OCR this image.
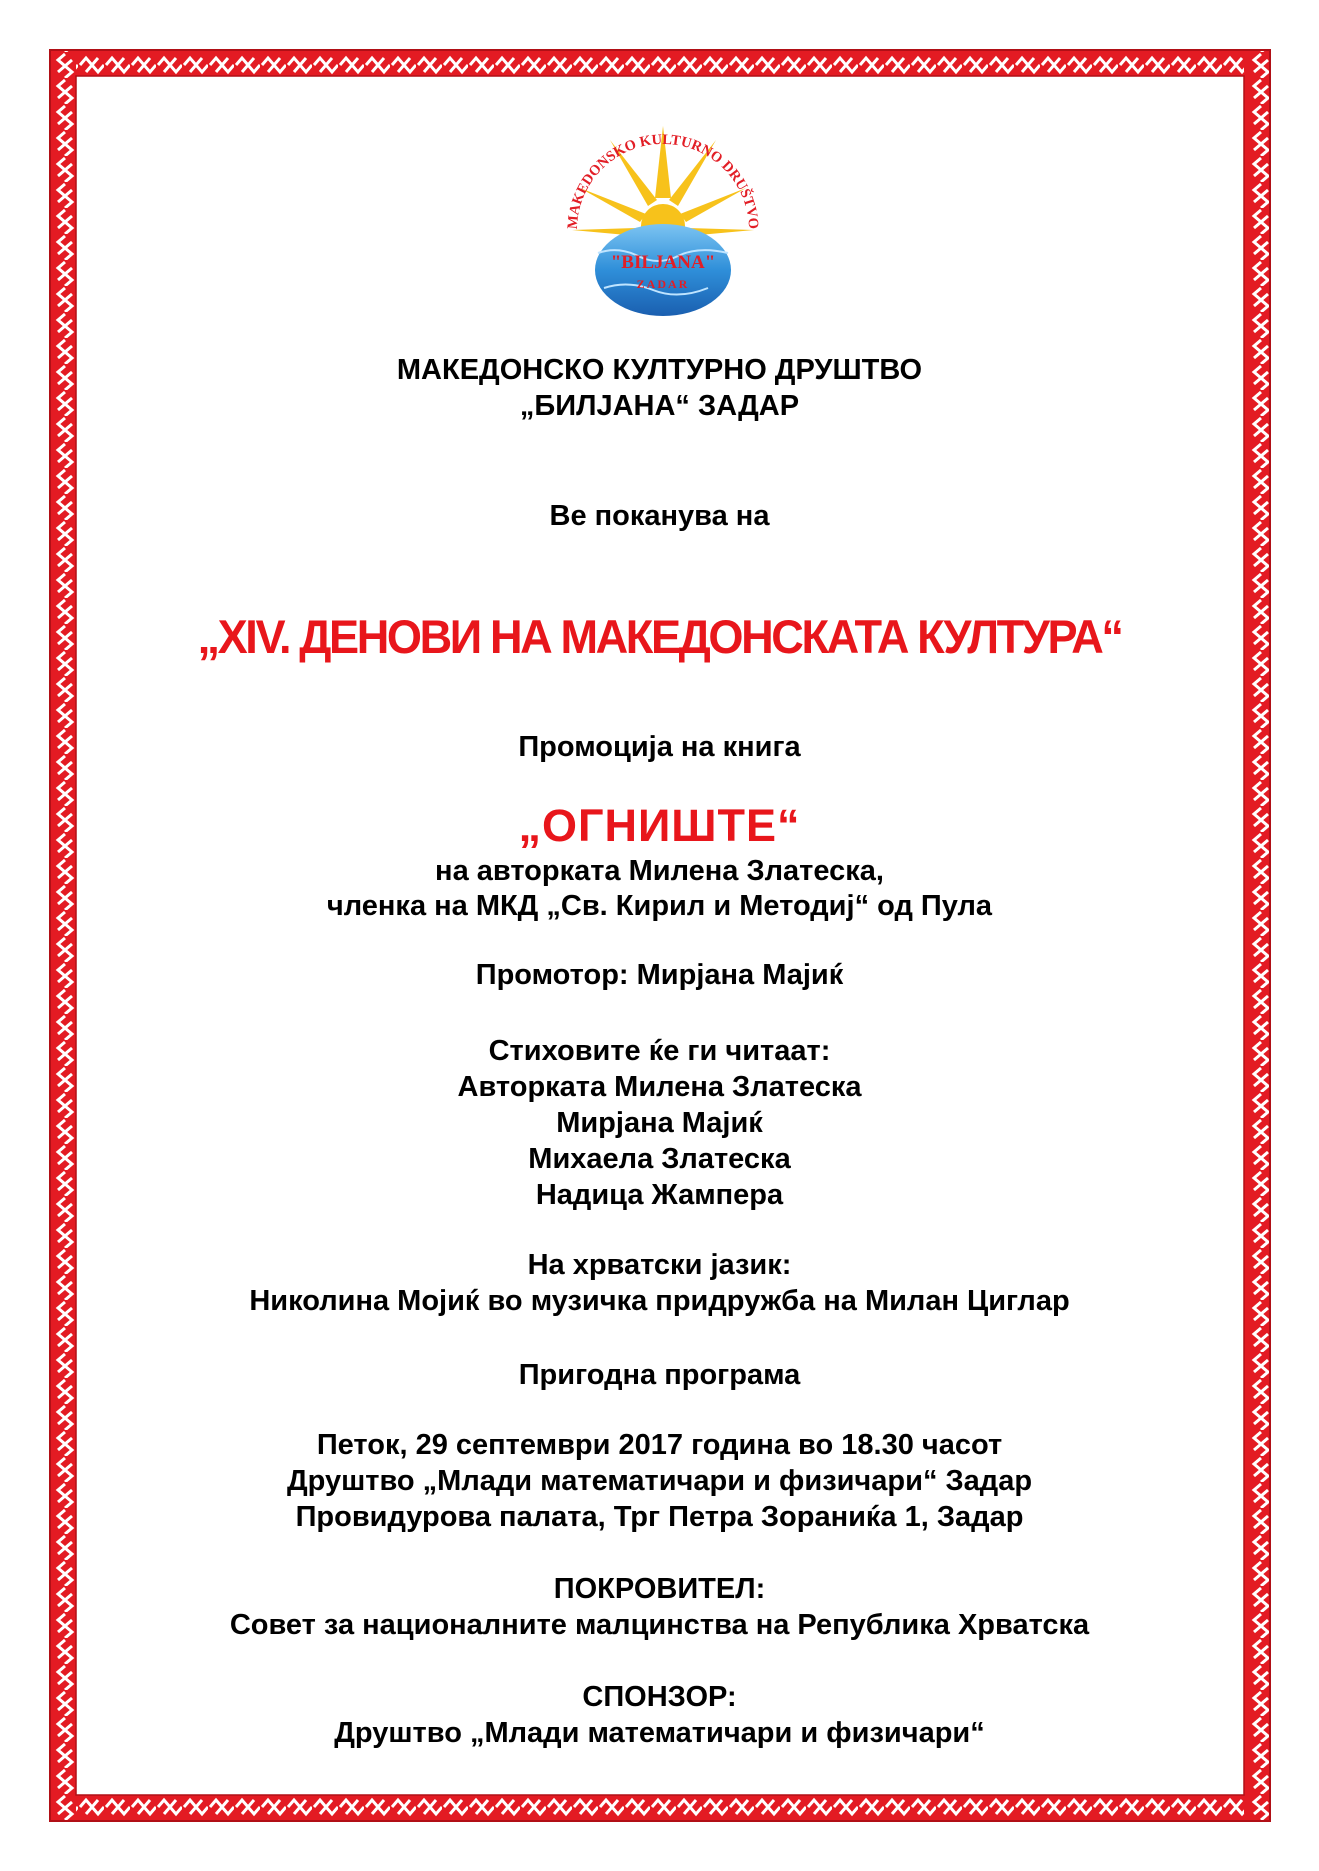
MAKEDONSKO KULTURNO DRUŠTVO
"BILJANA"
ZADAR
МАКЕДОНСКО КУЛТУРНО ДРУШТВО
„БИЛЈАНА“ ЗАДАР
Ве поканува на
„XIV. ДЕНОВИ НА МАКЕДОНСКАТА КУЛТУРА“
Промоција на книга
„ОГНИШТЕ“
на авторката Милена Златеска,
членка на МКД „Св. Кирил и Методиј“ од Пула
Промотор: Мирјана Мајиќ
Стиховите ќе ги читаат:
Авторката Милена Златеска
Мирјана Мајиќ
Михаела Златеска
Надица Жампера
На хрватски јазик:
Николина Мојиќ во музичка придружба на Милан Циглар
Пригодна програма
Петок, 29 септември 2017 година во 18.30 часот
Друштво „Млади математичари и физичари“ Задар
Провидурова палата, Трг Петра Зораниќа 1, Задар
ПОКРОВИТЕЛ:
Совет за националните малцинства на Република Хрватска
СПОНЗОР:
Друштво „Млади математичари и физичари“
